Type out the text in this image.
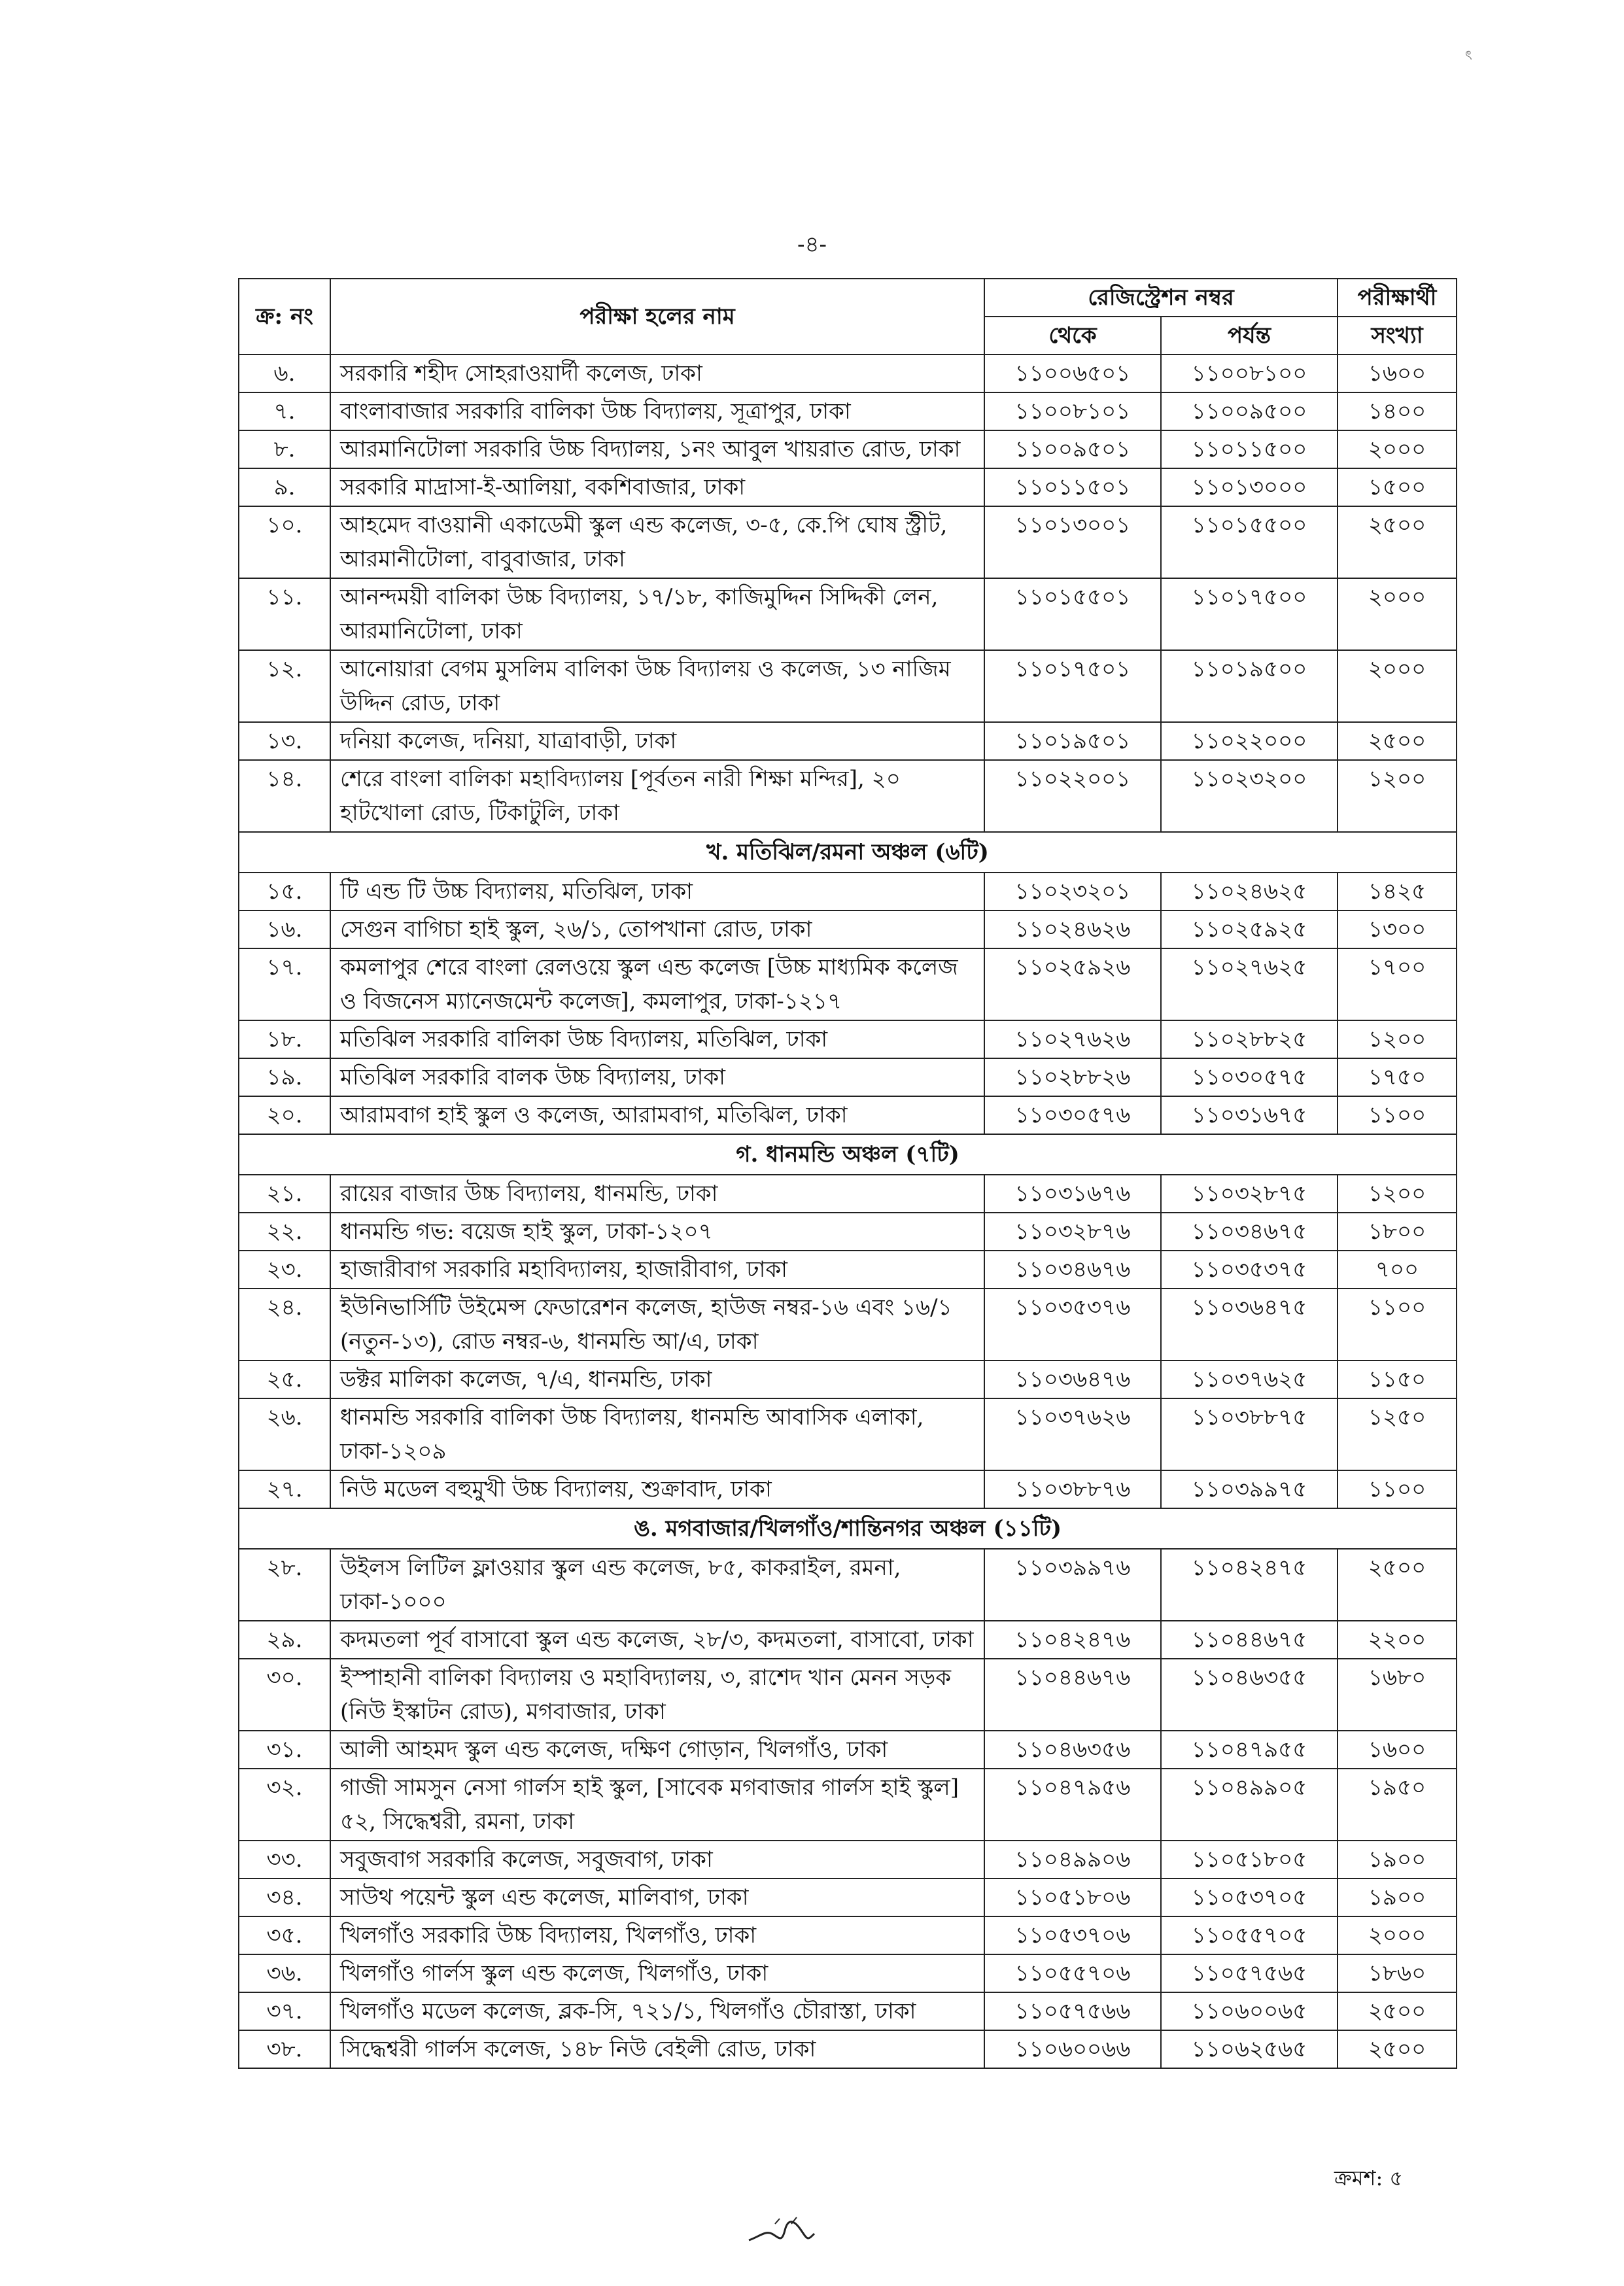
ৎ
-৪-
ক্র: নং	পরীক্ষা হলের নাম	রেজিস্ট্রেশন নম্বর		পরীক্ষার্থী
		থেকে	পর্যন্ত	সংখ্যা
৬.	সরকারি শহীদ সোহরাওয়ার্দী কলেজ, ঢাকা	১১০০৬৫০১	১১০০৮১০০	১৬০০
৭.	বাংলাবাজার সরকারি বালিকা উচ্চ বিদ্যালয়, সূত্রাপুর, ঢাকা	১১০০৮১০১	১১০০৯৫০০	১৪০০
৮.	আরমানিটোলা সরকারি উচ্চ বিদ্যালয়, ১নং আবুল খায়রাত রোড, ঢাকা	১১০০৯৫০১	১১০১১৫০০	২০০০
৯.	সরকারি মাদ্রাসা-ই-আলিয়া, বকশিবাজার, ঢাকা	১১০১১৫০১	১১০১৩০০০	১৫০০
১০.	আহমেদ বাওয়ানী একাডেমী স্কুল এন্ড কলেজ, ৩-৫, কে.পি ঘোষ স্ট্রীট, আরমানীটোলা, বাবুবাজার, ঢাকা	১১০১৩০০১	১১০১৫৫০০	২৫০০
১১.	আনন্দময়ী বালিকা উচ্চ বিদ্যালয়, ১৭/১৮, কাজিমুদ্দিন সিদ্দিকী লেন, আরমানিটোলা, ঢাকা	১১০১৫৫০১	১১০১৭৫০০	২০০০
১২.	আনোয়ারা বেগম মুসলিম বালিকা উচ্চ বিদ্যালয় ও কলেজ, ১৩ নাজিম উদ্দিন রোড, ঢাকা	১১০১৭৫০১	১১০১৯৫০০	২০০০
১৩.	দনিয়া কলেজ, দনিয়া, যাত্রাবাড়ী, ঢাকা	১১০১৯৫০১	১১০২২০০০	২৫০০
১৪.	শেরে বাংলা বালিকা মহাবিদ্যালয় [পূর্বতন নারী শিক্ষা মন্দির], ২০ হাটখোলা রোড, টিকাটুলি, ঢাকা	১১০২২০০১	১১০২৩২০০	১২০০
খ. মতিঝিল/রমনা অঞ্চল (৬টি)				
১৫.	টি এন্ড টি উচ্চ বিদ্যালয়, মতিঝিল, ঢাকা	১১০২৩২০১	১১০২৪৬২৫	১৪২৫
১৬.	সেগুন বাগিচা হাই স্কুল, ২৬/১, তোপখানা রোড, ঢাকা	১১০২৪৬২৬	১১০২৫৯২৫	১৩০০
১৭.	কমলাপুর শেরে বাংলা রেলওয়ে স্কুল এন্ড কলেজ [উচ্চ মাধ্যমিক কলেজ ও বিজনেস ম্যানেজমেন্ট কলেজ], কমলাপুর, ঢাকা-১২১৭	১১০২৫৯২৬	১১০২৭৬২৫	১৭০০
১৮.	মতিঝিল সরকারি বালিকা উচ্চ বিদ্যালয়, মতিঝিল, ঢাকা	১১০২৭৬২৬	১১০২৮৮২৫	১২০০
১৯.	মতিঝিল সরকারি বালক উচ্চ বিদ্যালয়, ঢাকা	১১০২৮৮২৬	১১০৩০৫৭৫	১৭৫০
২০.	আরামবাগ হাই স্কুল ও কলেজ, আরামবাগ, মতিঝিল, ঢাকা	১১০৩০৫৭৬	১১০৩১৬৭৫	১১০০
গ. ধানমন্ডি অঞ্চল (৭টি)				
২১.	রায়ের বাজার উচ্চ বিদ্যালয়, ধানমন্ডি, ঢাকা	১১০৩১৬৭৬	১১০৩২৮৭৫	১২০০
২২.	ধানমন্ডি গভ: বয়েজ হাই স্কুল, ঢাকা-১২০৭	১১০৩২৮৭৬	১১০৩৪৬৭৫	১৮০০
২৩.	হাজারীবাগ সরকারি মহাবিদ্যালয়, হাজারীবাগ, ঢাকা	১১০৩৪৬৭৬	১১০৩৫৩৭৫	৭০০
২৪.	ইউনিভার্সিটি উইমেন্স ফেডারেশন কলেজ, হাউজ নম্বর-১৬ এবং ১৬/১ (নতুন-১৩), রোড নম্বর-৬, ধানমন্ডি আ/এ, ঢাকা	১১০৩৫৩৭৬	১১০৩৬৪৭৫	১১০০
২৫.	ডক্টর মালিকা কলেজ, ৭/এ, ধানমন্ডি, ঢাকা	১১০৩৬৪৭৬	১১০৩৭৬২৫	১১৫০
২৬.	ধানমন্ডি সরকারি বালিকা উচ্চ বিদ্যালয়, ধানমন্ডি আবাসিক এলাকা, ঢাকা-১২০৯	১১০৩৭৬২৬	১১০৩৮৮৭৫	১২৫০
২৭.	নিউ মডেল বহুমুখী উচ্চ বিদ্যালয়, শুক্রাবাদ, ঢাকা	১১০৩৮৮৭৬	১১০৩৯৯৭৫	১১০০
ঙ. মগবাজার/খিলগাঁও/শান্তিনগর অঞ্চল (১১টি)				
২৮.	উইলস লিটিল ফ্লাওয়ার স্কুল এন্ড কলেজ, ৮৫, কাকরাইল, রমনা, ঢাকা-১০০০	১১০৩৯৯৭৬	১১০৪২৪৭৫	২৫০০
২৯.	কদমতলা পূর্ব বাসাবো স্কুল এন্ড কলেজ, ২৮/৩, কদমতলা, বাসাবো, ঢাকা	১১০৪২৪৭৬	১১০৪৪৬৭৫	২২০০
৩০.	ইস্পাহানী বালিকা বিদ্যালয় ও মহাবিদ্যালয়, ৩, রাশেদ খান মেনন সড়ক (নিউ ইস্কাটন রোড), মগবাজার, ঢাকা	১১০৪৪৬৭৬	১১০৪৬৩৫৫	১৬৮০
৩১.	আলী আহমদ স্কুল এন্ড কলেজ, দক্ষিণ গোড়ান, খিলগাঁও, ঢাকা	১১০৪৬৩৫৬	১১০৪৭৯৫৫	১৬০০
৩২.	গাজী সামসুন নেসা গার্লস হাই স্কুল, [সাবেক মগবাজার গার্লস হাই স্কুল] ৫২, সিদ্ধেশ্বরী, রমনা, ঢাকা	১১০৪৭৯৫৬	১১০৪৯৯০৫	১৯৫০
৩৩.	সবুজবাগ সরকারি কলেজ, সবুজবাগ, ঢাকা	১১০৪৯৯০৬	১১০৫১৮০৫	১৯০০
৩৪.	সাউথ পয়েন্ট স্কুল এন্ড কলেজ, মালিবাগ, ঢাকা	১১০৫১৮০৬	১১০৫৩৭০৫	১৯০০
৩৫.	খিলগাঁও সরকারি উচ্চ বিদ্যালয়, খিলগাঁও, ঢাকা	১১০৫৩৭০৬	১১০৫৫৭০৫	২০০০
৩৬.	খিলগাঁও গার্লস স্কুল এন্ড কলেজ, খিলগাঁও, ঢাকা	১১০৫৫৭০৬	১১০৫৭৫৬৫	১৮৬০
৩৭.	খিলগাঁও মডেল কলেজ, ব্লক-সি, ৭২১/১, খিলগাঁও চৌরাস্তা, ঢাকা	১১০৫৭৫৬৬	১১০৬০০৬৫	২৫০০
৩৮.	সিদ্ধেশ্বরী গার্লস কলেজ, ১৪৮ নিউ বেইলী রোড, ঢাকা	১১০৬০০৬৬	১১০৬২৫৬৫	২৫০০
ক্রমশ: ৫
